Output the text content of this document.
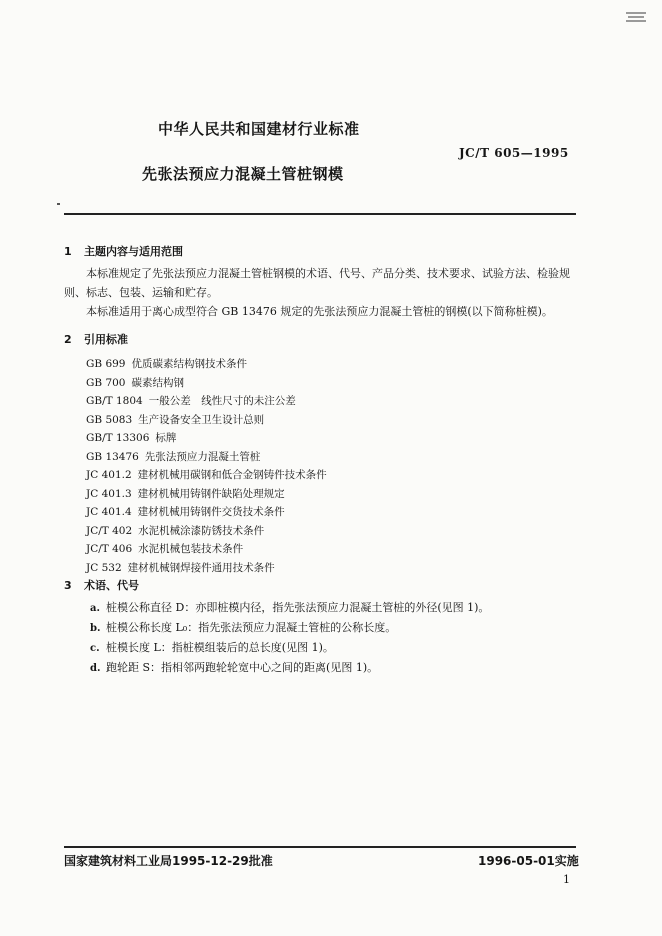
中华人民共和国建材行业标准
JC/T 605—1995
先张法预应力混凝土管桩钢模
1 主题内容与适用范围
本标准规定了先张法预应力混凝土管桩钢模的术语、代号、产品分类、技术要求、试验方法、检验规则、标志、包装、运输和贮存。
本标准适用于离心成型符合 GB 13476 规定的先张法预应力混凝土管桩的钢模(以下简称桩模)。
2 引用标准
GB 699 优质碳素结构钢技术条件
GB 700 碳素结构钢
GB/T 1804 一般公差　线性尺寸的未注公差
GB 5083 生产设备安全卫生设计总则
GB/T 13306 标牌
GB 13476 先张法预应力混凝土管桩
JC 401.2 建材机械用碳钢和低合金钢铸件技术条件
JC 401.3 建材机械用铸钢件缺陷处理规定
JC 401.4 建材机械用铸钢件交货技术条件
JC/T 402 水泥机械涂漆防锈技术条件
JC/T 406 水泥机械包装技术条件
JC 532 建材机械钢焊接件通用技术条件
3 术语、代号
a. 桩模公称直径 D：亦即桩模内径，指先张法预应力混凝土管桩的外径(见图 1)。
b. 桩模公称长度 L₀：指先张法预应力混凝土管桩的公称长度。
c. 桩模长度 L：指桩模组装后的总长度(见图 1)。
d. 跑轮距 S：指相邻两跑轮轮宽中心之间的距离(见图 1)。
国家建筑材料工业局1995-12-29批准	1996-05-01实施
1
